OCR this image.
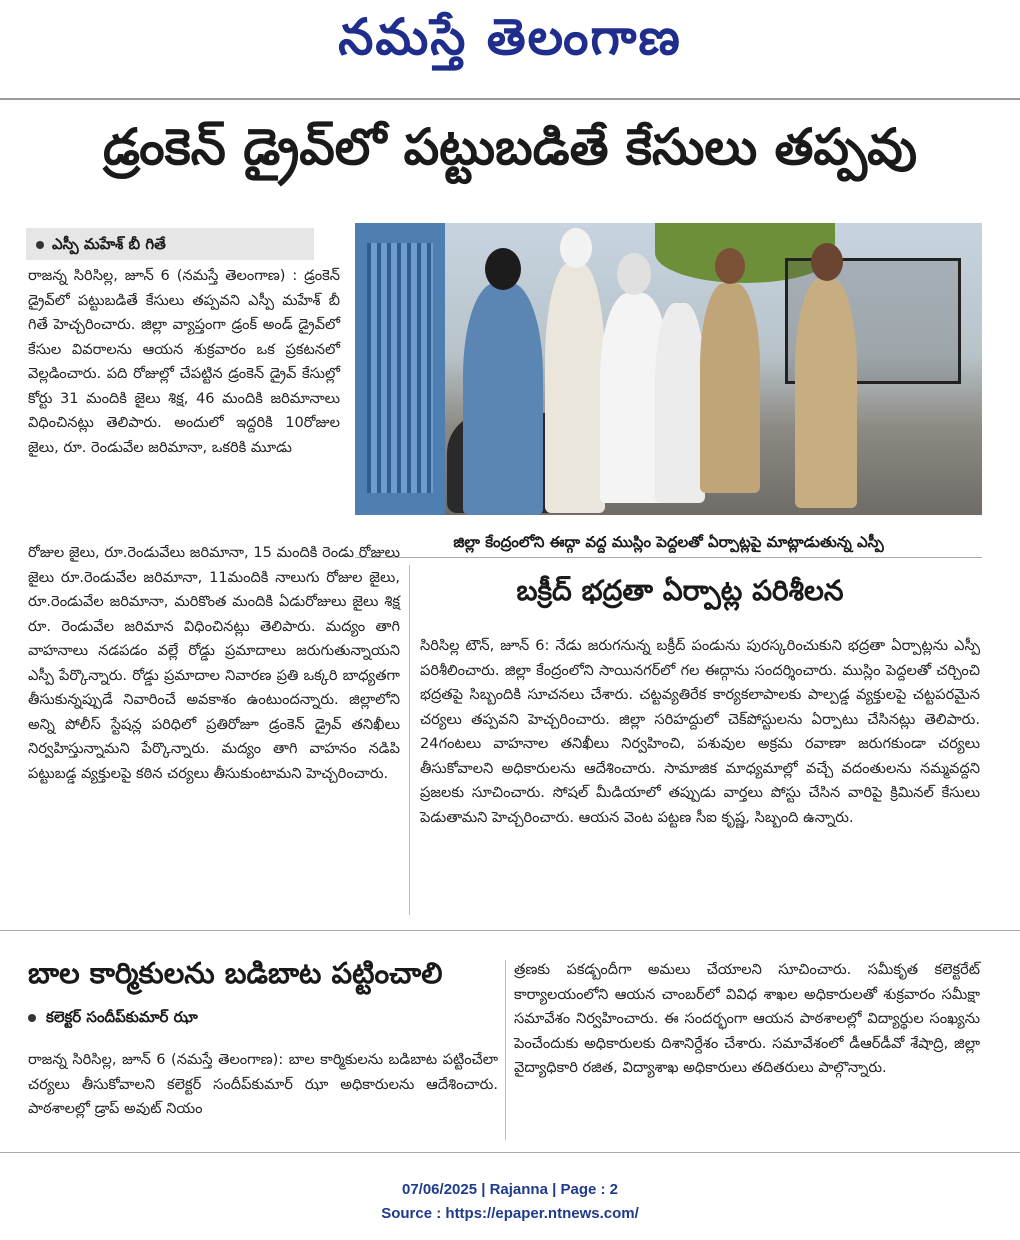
నమస్తే తెలంగాణ
డ్రంకెన్ డ్రైవ్‌లో పట్టుబడితే కేసులు తప్పవు
ఎస్పీ మహేశ్ బీ గితే
రాజన్న సిరిసిల్ల, జూన్ 6 (నమస్తే తెలంగాణ) : డ్రంకెన్ డ్రైవ్‌లో పట్టుబడితే కేసులు తప్పవని ఎస్పీ మహేశ్ బీ గితే హెచ్చరించారు. జిల్లా వ్యాప్తంగా డ్రంక్ అండ్ డ్రైవ్‌లో కేసుల వివరాలను ఆయన శుక్రవారం ఒక ప్రకటనలో వెల్లడించారు. పది రోజుల్లో చేపట్టిన డ్రంకెన్ డ్రైవ్ కేసుల్లో కోర్టు 31 మందికి జైలు శిక్ష, 46 మందికి జరిమానాలు విధించినట్లు తెలిపారు. అందులో ఇద్దరికి 10రోజుల జైలు, రూ. రెండువేల జరిమానా, ఒకరికి మూడు
జిల్లా కేంద్రంలోని ఈద్గా వద్ద ముస్లిం పెద్దలతో ఏర్పాట్లపై మాట్లాడుతున్న ఎస్పీ
రోజుల జైలు, రూ.రెండువేలు జరిమానా, 15 మందికి రెండు రోజులు జైలు రూ.రెండువేల జరిమానా, 11మందికి నాలుగు రోజుల జైలు, రూ.రెండువేల జరిమానా, మరికొంత మందికి ఏడురోజులు జైలు శిక్ష రూ. రెండువేల జరిమాన విధించినట్లు తెలిపారు. మద్యం తాగి వాహనాలు నడపడం వల్లే రోడ్డు ప్రమాదాలు జరుగుతున్నాయని ఎస్పీ పేర్కొన్నారు. రోడ్డు ప్రమాదాల నివారణ ప్రతి ఒక్కరి బాధ్యతగా తీసుకున్నప్పుడే నివారించే అవకాశం ఉంటుందన్నారు. జిల్లాలోని అన్ని పోలీస్ స్టేషన్ల పరిధిలో ప్రతిరోజూ డ్రంకెన్ డ్రైవ్ తనిఖీలు నిర్వహిస్తున్నామని పేర్కొన్నారు. మద్యం తాగి వాహనం నడిపి పట్టుబడ్డ వ్యక్తులపై కఠిన చర్యలు తీసుకుంటామని హెచ్చరించారు.
బక్రీద్ భద్రతా ఏర్పాట్ల పరిశీలన
సిరిసిల్ల టౌన్, జూన్ 6: నేడు జరుగనున్న బక్రీద్ పండును పురస్కరించుకుని భద్రతా ఏర్పాట్లను ఎస్పీ పరిశీలించారు. జిల్లా కేంద్రంలోని సాయినగర్‌లో గల ఈద్గాను సందర్శించారు. ముస్లిం పెద్దలతో చర్చించి భద్రతపై సిబ్బందికి సూచనలు చేశారు. చట్టవ్యతిరేక కార్యకలాపాలకు పాల్పడ్డ వ్యక్తులపై చట్టపరమైన చర్యలు తప్పవని హెచ్చరించారు. జిల్లా సరిహద్దులో చెక్‌పోస్టులను ఏర్పాటు చేసినట్లు తెలిపారు. 24గంటలు వాహనాల తనిఖీలు నిర్వహించి, పశువుల అక్రమ రవాణా జరుగకుండా చర్యలు తీసుకోవాలని అధికారులను ఆదేశించారు. సామాజిక మాధ్యమాల్లో వచ్చే వదంతులను నమ్మవద్దని ప్రజలకు సూచించారు. సోషల్ మీడియాలో తప్పుడు వార్తలు పోస్టు చేసిన వారిపై క్రిమినల్ కేసులు పెడుతామని హెచ్చరించారు. ఆయన వెంట పట్టణ సీఐ కృష్ణ, సిబ్బంది ఉన్నారు.
బాల కార్మికులను బడిబాట పట్టించాలి
కలెక్టర్ సందీప్‌కుమార్ ఝా
రాజన్న సిరిసిల్ల, జూన్ 6 (నమస్తే తెలంగాణ): బాల కార్మికులను బడిబాట పట్టించేలా చర్యలు తీసుకోవాలని కలెక్టర్ సందీప్‌కుమార్ ఝా అధికారులను ఆదేశించారు. పాఠశాలల్లో డ్రాప్ అవుట్ నియం
త్రణకు పకడ్బందీగా అమలు చేయాలని సూచించారు. సమీకృత కలెక్టరేట్ కార్యాలయంలోని ఆయన చాంబర్‌లో వివిధ శాఖల అధికారులతో శుక్రవారం సమీక్షా సమావేశం నిర్వహించారు. ఈ సందర్భంగా ఆయన పాఠశాలల్లో విద్యార్థుల సంఖ్యను పెంచేందుకు అధికారులకు దిశానిర్దేశం చేశారు. సమావేశంలో డీఆర్‌డీవో శేషాద్రి, జిల్లా వైద్యాధికారి రజిత, విద్యాశాఖ అధికారులు తదితరులు పాల్గొన్నారు.
07/06/2025 | Rajanna | Page : 2
Source : https://epaper.ntnews.com/
